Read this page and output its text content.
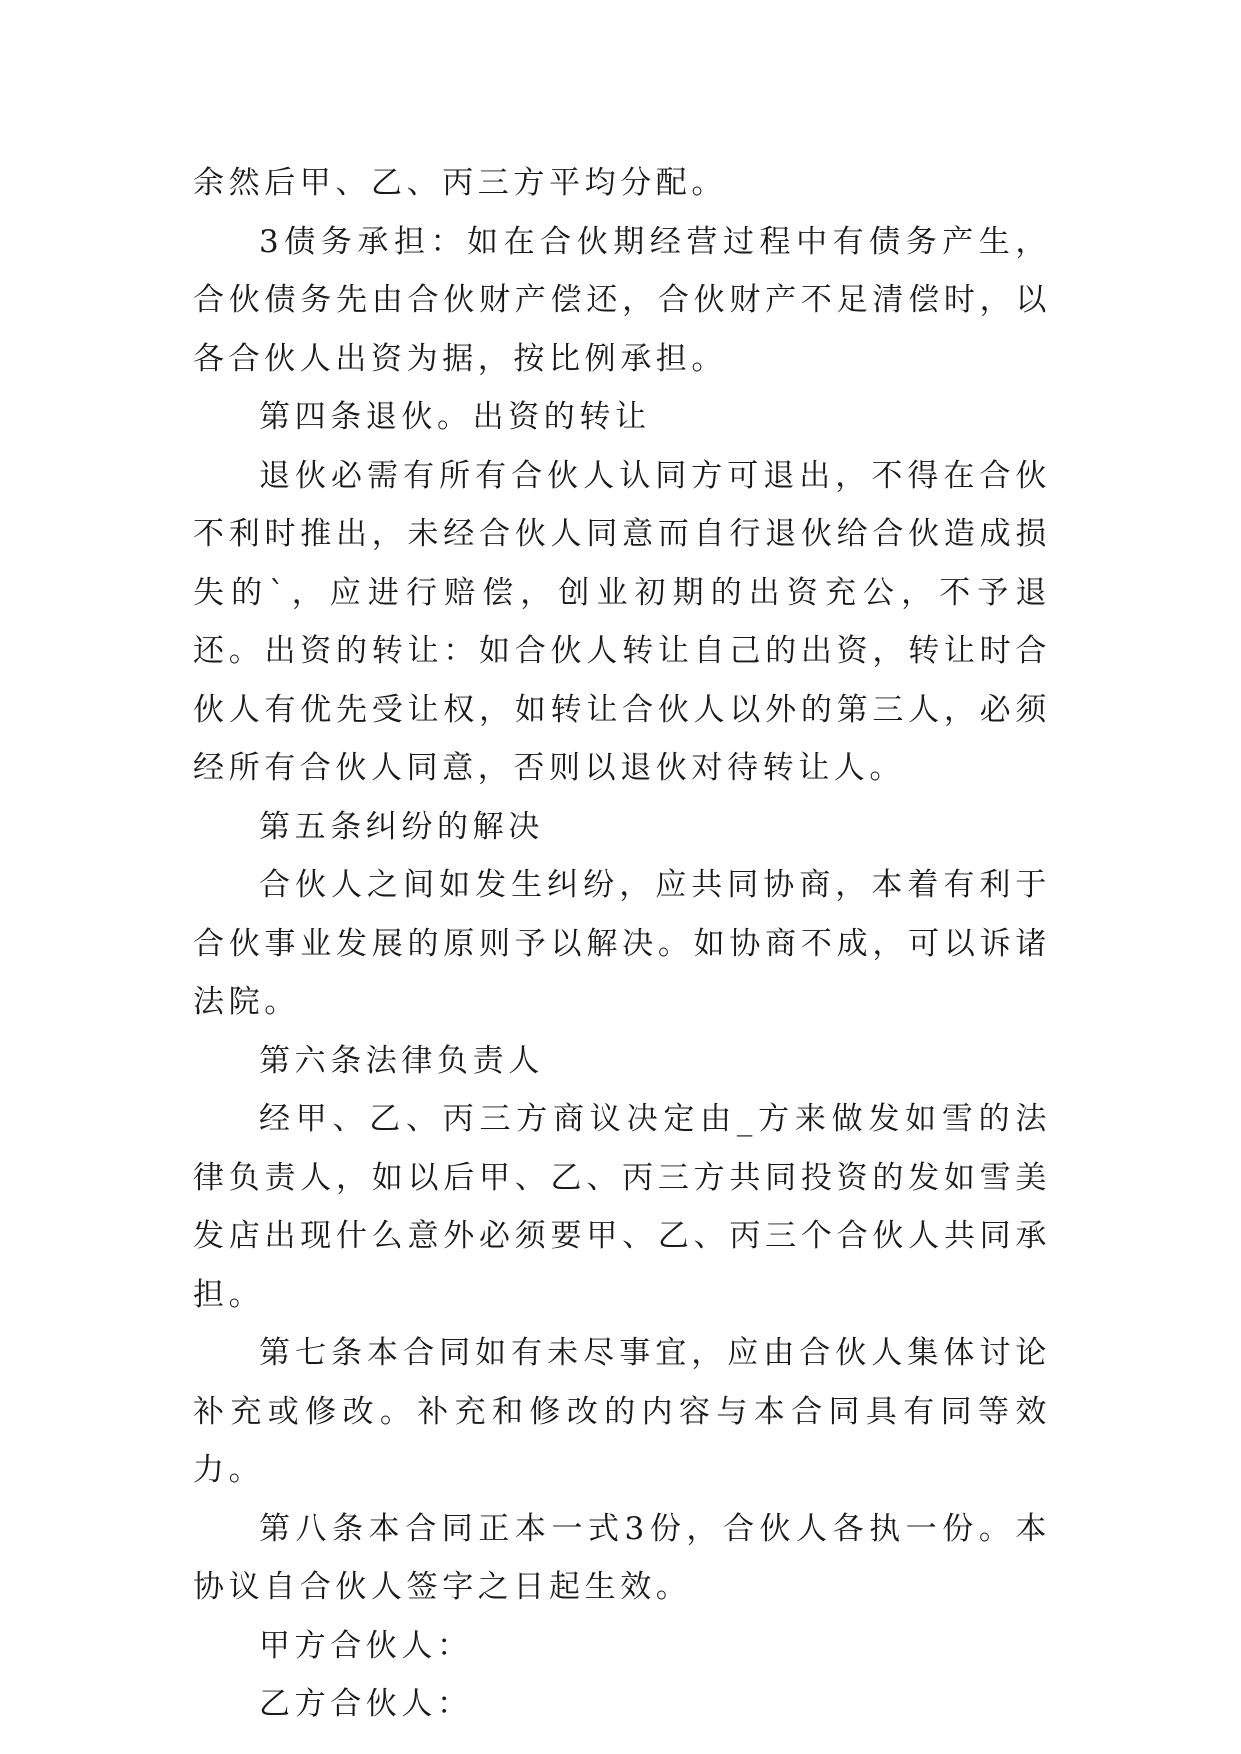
余然后甲、乙、丙三方平均分配。

3债务承担：如在合伙期经营过程中有债务产生，合伙债务先由合伙财产偿还，合伙财产不足清偿时，以各合伙人出资为据，按比例承担。

第四条退伙。出资的转让

退伙必需有所有合伙人认同方可退出，不得在合伙不利时推出，未经合伙人同意而自行退伙给合伙造成损失的`，应进行赔偿，创业初期的出资充公，不予退还。出资的转让：如合伙人转让自己的出资，转让时合伙人有优先受让权，如转让合伙人以外的第三人，必须经所有合伙人同意，否则以退伙对待转让人。

第五条纠纷的解决

合伙人之间如发生纠纷，应共同协商，本着有利于合伙事业发展的原则予以解决。如协商不成，可以诉诸法院。

第六条法律负责人

经甲、乙、丙三方商议决定由_方来做发如雪的法律负责人，如以后甲、乙、丙三方共同投资的发如雪美发店出现什么意外必须要甲、乙、丙三个合伙人共同承担。

第七条本合同如有未尽事宜，应由合伙人集体讨论补充或修改。补充和修改的内容与本合同具有同等效力。

第八条本合同正本一式3份，合伙人各执一份。本协议自合伙人签字之日起生效。

甲方合伙人：

乙方合伙人：
